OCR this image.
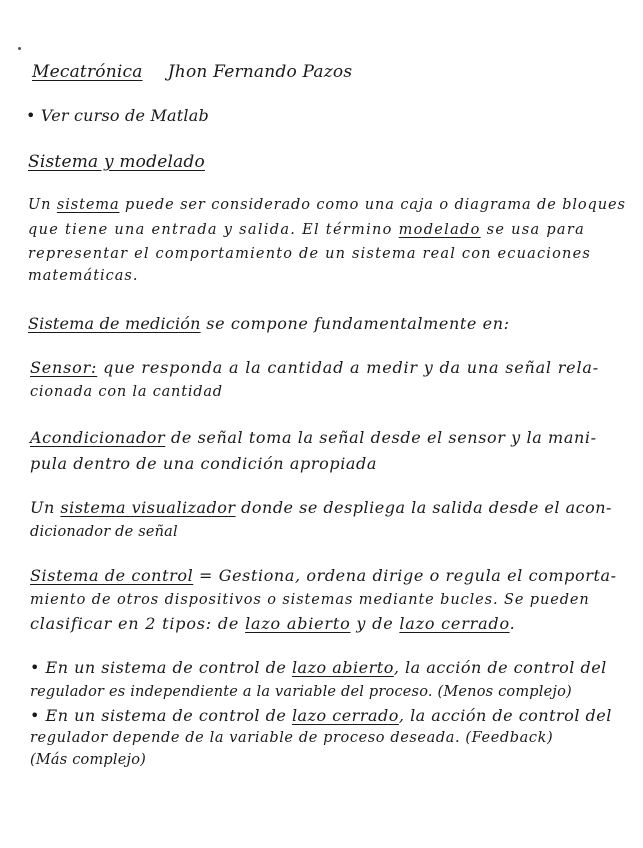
Mecatrónica Jhon Fernando Pazos
• Ver curso de Matlab
Sistema y modelado
Un sistema puede ser considerado como una caja o diagrama de bloques
que tiene una entrada y salida. El término modelado se usa para
representar el comportamiento de un sistema real con ecuaciones
matemáticas.
Sistema de medición se compone fundamentalmente en:
Sensor: que responda a la cantidad a medir y da una señal rela-
cionada con la cantidad
Acondicionador de señal toma la señal desde el sensor y la mani-
pula dentro de una condición apropiada
Un sistema visualizador donde se despliega la salida desde el acon-
dicionador de señal
Sistema de control = Gestiona, ordena dirige o regula el comporta-
miento de otros dispositivos o sistemas mediante bucles. Se pueden
clasificar en 2 tipos: de lazo abierto y de lazo cerrado.
• En un sistema de control de lazo abierto, la acción de control del
regulador es independiente a la variable del proceso. (Menos complejo)
• En un sistema de control de lazo cerrado, la acción de control del
regulador depende de la variable de proceso deseada. (Feedback)
(Más complejo)
